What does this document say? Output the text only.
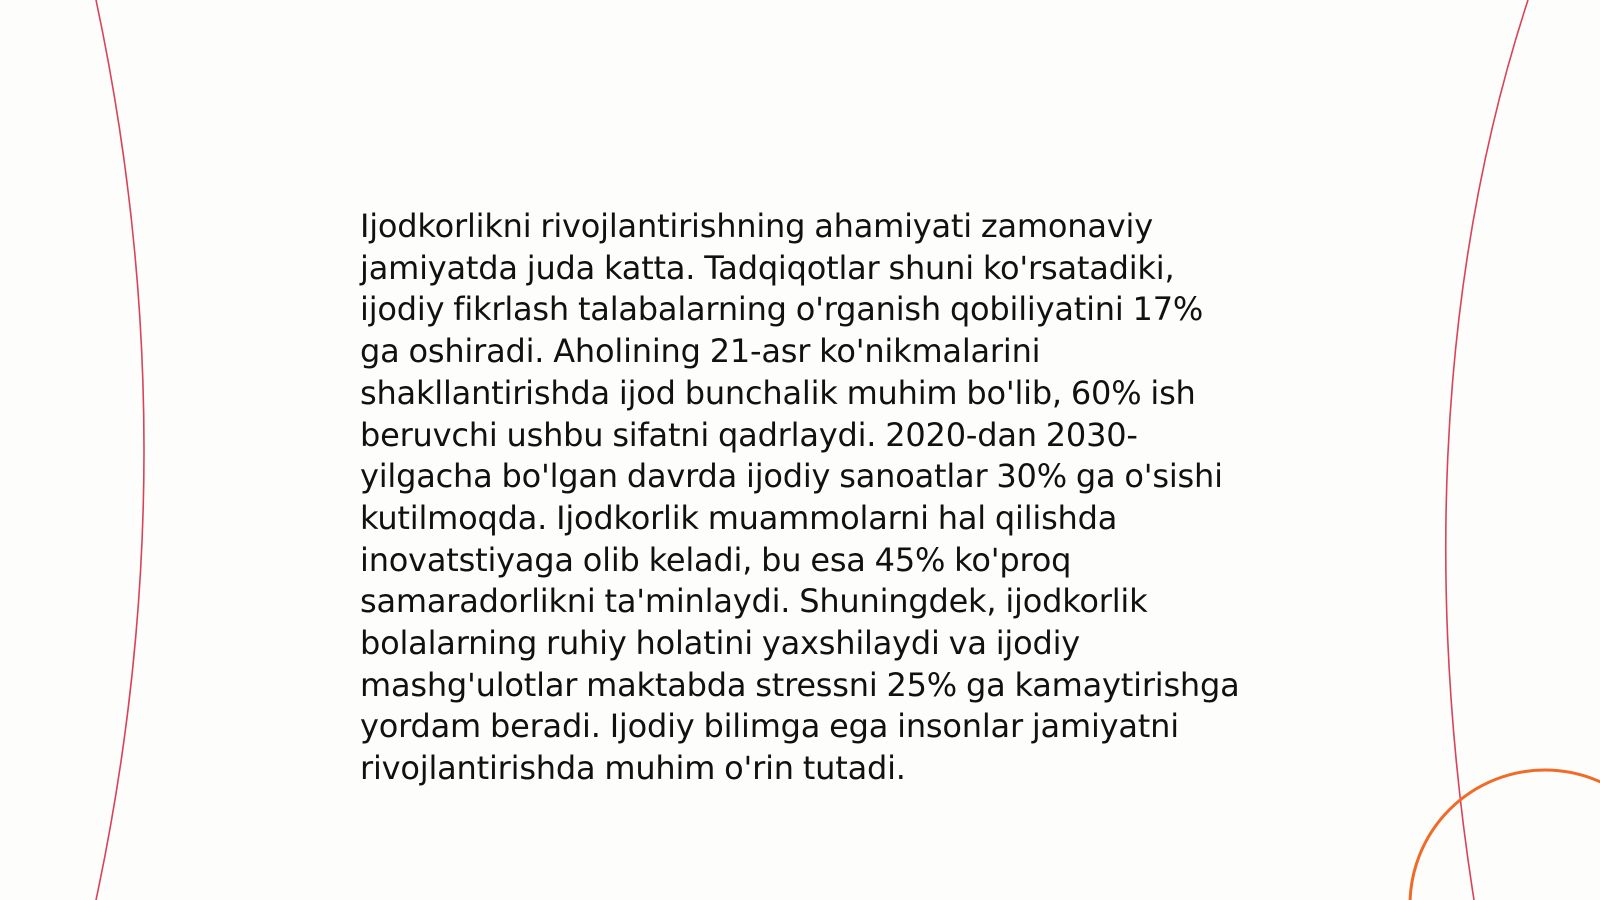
Ijodkorlikni rivojlantirishning ahamiyati zamonaviy jamiyatda juda katta. Tadqiqotlar shuni ko'rsatadiki, ijodiy fikrlash talabalarning o'rganish qobiliyatini 17% ga oshiradi. Aholining 21-asr ko'nikmalarini shakllantirishda ijod bunchalik muhim bo'lib, 60% ish beruvchi ushbu sifatni qadrlaydi. 2020-dan 2030-yilgacha bo'lgan davrda ijodiy sanoatlar 30% ga o'sishi kutilmoqda. Ijodkorlik muammolarni hal qilishda inovatstiyaga olib keladi, bu esa 45% ko'proq samaradorlikni ta'minlaydi. Shuningdek, ijodkorlik bolalarning ruhiy holatini yaxshilaydi va ijodiy mashg'ulotlar maktabda stressni 25% ga kamaytirishga yordam beradi. Ijodiy bilimga ega insonlar jamiyatni rivojlantirishda muhim o'rin tutadi.
